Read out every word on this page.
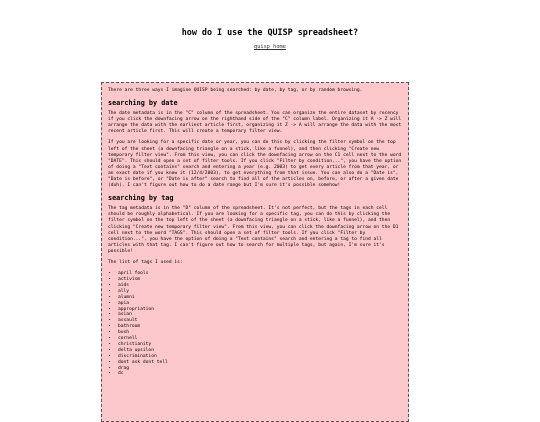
how do I use the QUISP spreadsheet?
quisp home

There are three ways I imagine QUISP being searched: by date, by tag, or by random browsing.

searching by date

The date metadata is in the "C" column of the spreadsheet. You can organize the entire dataset by recency if you click the downfacing arrow on the righthand side of the "C" column label. Organizing it A -> Z will arrange the data with the earliest article first, organizing it Z -> A will arrange the data with the most recent article first. This will create a temporary filter view.

If you are looking for a specific date or year, you can do this by clicking the filter symbol on the top left of the sheet (a downfacing triangle on a stick, like a funnel), and then clicking "Create new temporary filter view". From this view, you can click the downfacing arrow on the C1 cell next to the word "DATE". This should open a set of filter tools. If you click "Filter by condition...", you have the option of doing a "Text contains" search and entering a year (e.g. 2003) to get every article from that year, or an exact date if you know it (12/4/2003), to get everything from that issue. You can also do a "Date is", "Date is before", or "Date is after" search to find all of the articles on, before, or after a given date (duh). I can't figure out how to do a date range but I'm sure it's possible somehow!

searching by tag

The tag metadata is in the "D" column of the spreadsheet. It's not perfect, but the tags in each cell should be roughly alphabetical. If you are looking for a specific tag, you can do this by clicking the filter symbol on the top left of the sheet (a downfacing triangle on a stick, like a funnel), and then clicking "Create new temporary filter view". From this view, you can click the downfacing arrow on the D1 cell next to the word "TAGS". This should open a set of filter tools. If you click "Filter by condition...", you have the option of doing a "Text contains" search and entering a tag to find all articles with that tag. I can't figure out how to search for multiple tags, but again, I'm sure it's possible!

The list of tags I used is:

• april fools
• activism
• aids
• ally
• alumni
• apia
• appropriation
• asian
• assault
• bathroom
• bush
• cornell
• christianity
• delta upsilon
• discrimination
• dont ask dont tell
• drag
• dc
